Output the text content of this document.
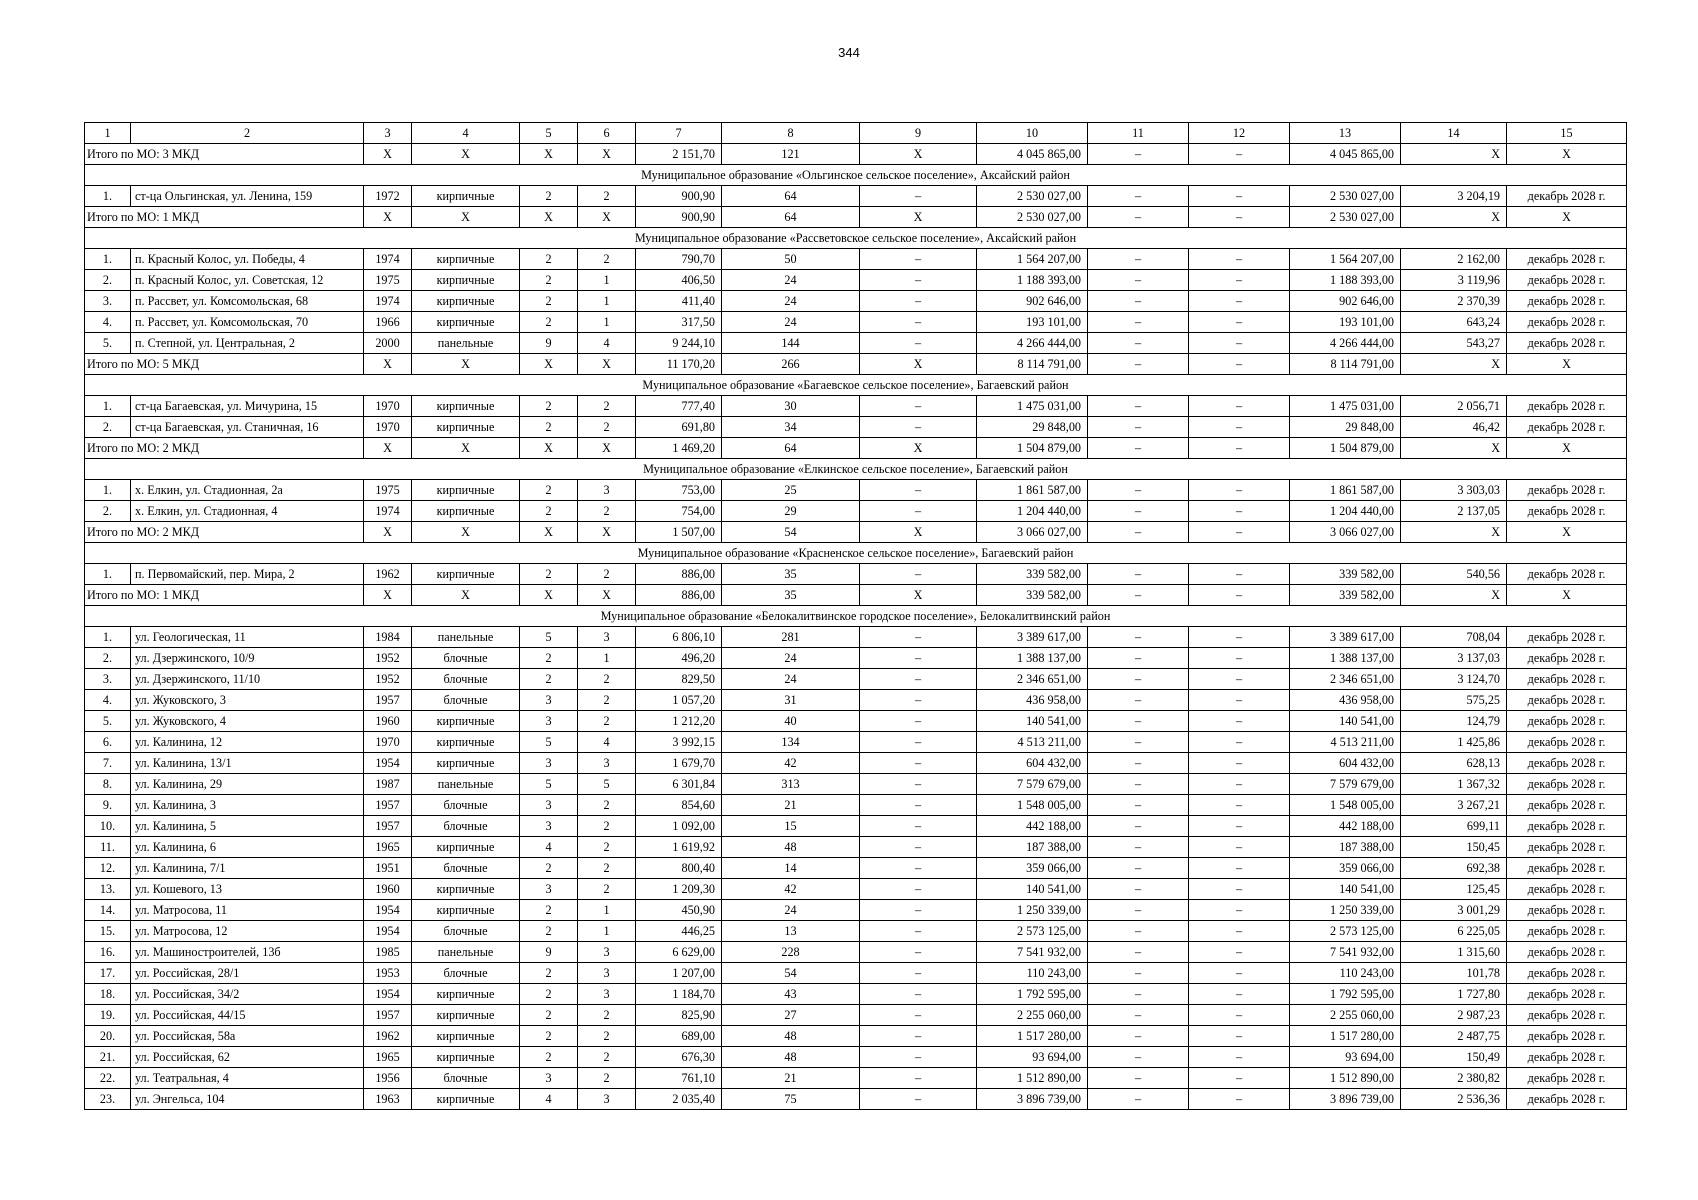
344
1	2	3	4	5	6	7	8	9	10	11	12	13	14	15
Итого по МО: 3 МКД		X	X	X	X	2 151,70	121	X	4 045 865,00	–	–	4 045 865,00	X	X
Муниципальное образование «Ольгинское сельское поселение», Аксайский район														
1.	ст-ца Ольгинская, ул. Ленина, 159	1972	кирпичные	2	2	900,90	64	–	2 530 027,00	–	–	2 530 027,00	3 204,19	декабрь 2028 г.
Итого по МО: 1 МКД		X	X	X	X	900,90	64	X	2 530 027,00	–	–	2 530 027,00	X	X
Муниципальное образование «Рассветовское сельское поселение», Аксайский район														
1.	п. Красный Колос, ул. Победы, 4	1974	кирпичные	2	2	790,70	50	–	1 564 207,00	–	–	1 564 207,00	2 162,00	декабрь 2028 г.
2.	п. Красный Колос, ул. Советская, 12	1975	кирпичные	2	1	406,50	24	–	1 188 393,00	–	–	1 188 393,00	3 119,96	декабрь 2028 г.
3.	п. Рассвет, ул. Комсомольская, 68	1974	кирпичные	2	1	411,40	24	–	902 646,00	–	–	902 646,00	2 370,39	декабрь 2028 г.
4.	п. Рассвет, ул. Комсомольская, 70	1966	кирпичные	2	1	317,50	24	–	193 101,00	–	–	193 101,00	643,24	декабрь 2028 г.
5.	п. Степной, ул. Центральная, 2	2000	панельные	9	4	9 244,10	144	–	4 266 444,00	–	–	4 266 444,00	543,27	декабрь 2028 г.
Итого по МО: 5 МКД		X	X	X	X	11 170,20	266	X	8 114 791,00	–	–	8 114 791,00	X	X
Муниципальное образование «Багаевское сельское поселение», Багаевский район														
1.	ст-ца Багаевская, ул. Мичурина, 15	1970	кирпичные	2	2	777,40	30	–	1 475 031,00	–	–	1 475 031,00	2 056,71	декабрь 2028 г.
2.	ст-ца Багаевская, ул. Станичная, 16	1970	кирпичные	2	2	691,80	34	–	29 848,00	–	–	29 848,00	46,42	декабрь 2028 г.
Итого по МО: 2 МКД		X	X	X	X	1 469,20	64	X	1 504 879,00	–	–	1 504 879,00	X	X
Муниципальное образование «Елкинское сельское поселение», Багаевский район														
1.	х. Елкин, ул. Стадионная, 2а	1975	кирпичные	2	3	753,00	25	–	1 861 587,00	–	–	1 861 587,00	3 303,03	декабрь 2028 г.
2.	х. Елкин, ул. Стадионная, 4	1974	кирпичные	2	2	754,00	29	–	1 204 440,00	–	–	1 204 440,00	2 137,05	декабрь 2028 г.
Итого по МО: 2 МКД		X	X	X	X	1 507,00	54	X	3 066 027,00	–	–	3 066 027,00	X	X
Муниципальное образование «Красненское сельское поселение», Багаевский район														
1.	п. Первомайский, пер. Мира, 2	1962	кирпичные	2	2	886,00	35	–	339 582,00	–	–	339 582,00	540,56	декабрь 2028 г.
Итого по МО: 1 МКД		X	X	X	X	886,00	35	X	339 582,00	–	–	339 582,00	X	X
Муниципальное образование «Белокалитвинское городское поселение», Белокалитвинский район														
1.	ул. Геологическая, 11	1984	панельные	5	3	6 806,10	281	–	3 389 617,00	–	–	3 389 617,00	708,04	декабрь 2028 г.
2.	ул. Дзержинского, 10/9	1952	блочные	2	1	496,20	24	–	1 388 137,00	–	–	1 388 137,00	3 137,03	декабрь 2028 г.
3.	ул. Дзержинского, 11/10	1952	блочные	2	2	829,50	24	–	2 346 651,00	–	–	2 346 651,00	3 124,70	декабрь 2028 г.
4.	ул. Жуковского, 3	1957	блочные	3	2	1 057,20	31	–	436 958,00	–	–	436 958,00	575,25	декабрь 2028 г.
5.	ул. Жуковского, 4	1960	кирпичные	3	2	1 212,20	40	–	140 541,00	–	–	140 541,00	124,79	декабрь 2028 г.
6.	ул. Калинина, 12	1970	кирпичные	5	4	3 992,15	134	–	4 513 211,00	–	–	4 513 211,00	1 425,86	декабрь 2028 г.
7.	ул. Калинина, 13/1	1954	кирпичные	3	3	1 679,70	42	–	604 432,00	–	–	604 432,00	628,13	декабрь 2028 г.
8.	ул. Калинина, 29	1987	панельные	5	5	6 301,84	313	–	7 579 679,00	–	–	7 579 679,00	1 367,32	декабрь 2028 г.
9.	ул. Калинина, 3	1957	блочные	3	2	854,60	21	–	1 548 005,00	–	–	1 548 005,00	3 267,21	декабрь 2028 г.
10.	ул. Калинина, 5	1957	блочные	3	2	1 092,00	15	–	442 188,00	–	–	442 188,00	699,11	декабрь 2028 г.
11.	ул. Калинина, 6	1965	кирпичные	4	2	1 619,92	48	–	187 388,00	–	–	187 388,00	150,45	декабрь 2028 г.
12.	ул. Калинина, 7/1	1951	блочные	2	2	800,40	14	–	359 066,00	–	–	359 066,00	692,38	декабрь 2028 г.
13.	ул. Кошевого, 13	1960	кирпичные	3	2	1 209,30	42	–	140 541,00	–	–	140 541,00	125,45	декабрь 2028 г.
14.	ул. Матросова, 11	1954	кирпичные	2	1	450,90	24	–	1 250 339,00	–	–	1 250 339,00	3 001,29	декабрь 2028 г.
15.	ул. Матросова, 12	1954	блочные	2	1	446,25	13	–	2 573 125,00	–	–	2 573 125,00	6 225,05	декабрь 2028 г.
16.	ул. Машиностроителей, 13б	1985	панельные	9	3	6 629,00	228	–	7 541 932,00	–	–	7 541 932,00	1 315,60	декабрь 2028 г.
17.	ул. Российская, 28/1	1953	блочные	2	3	1 207,00	54	–	110 243,00	–	–	110 243,00	101,78	декабрь 2028 г.
18.	ул. Российская, 34/2	1954	кирпичные	2	3	1 184,70	43	–	1 792 595,00	–	–	1 792 595,00	1 727,80	декабрь 2028 г.
19.	ул. Российская, 44/15	1957	кирпичные	2	2	825,90	27	–	2 255 060,00	–	–	2 255 060,00	2 987,23	декабрь 2028 г.
20.	ул. Российская, 58а	1962	кирпичные	2	2	689,00	48	–	1 517 280,00	–	–	1 517 280,00	2 487,75	декабрь 2028 г.
21.	ул. Российская, 62	1965	кирпичные	2	2	676,30	48	–	93 694,00	–	–	93 694,00	150,49	декабрь 2028 г.
22.	ул. Театральная, 4	1956	блочные	3	2	761,10	21	–	1 512 890,00	–	–	1 512 890,00	2 380,82	декабрь 2028 г.
23.	ул. Энгельса, 104	1963	кирпичные	4	3	2 035,40	75	–	3 896 739,00	–	–	3 896 739,00	2 536,36	декабрь 2028 г.
